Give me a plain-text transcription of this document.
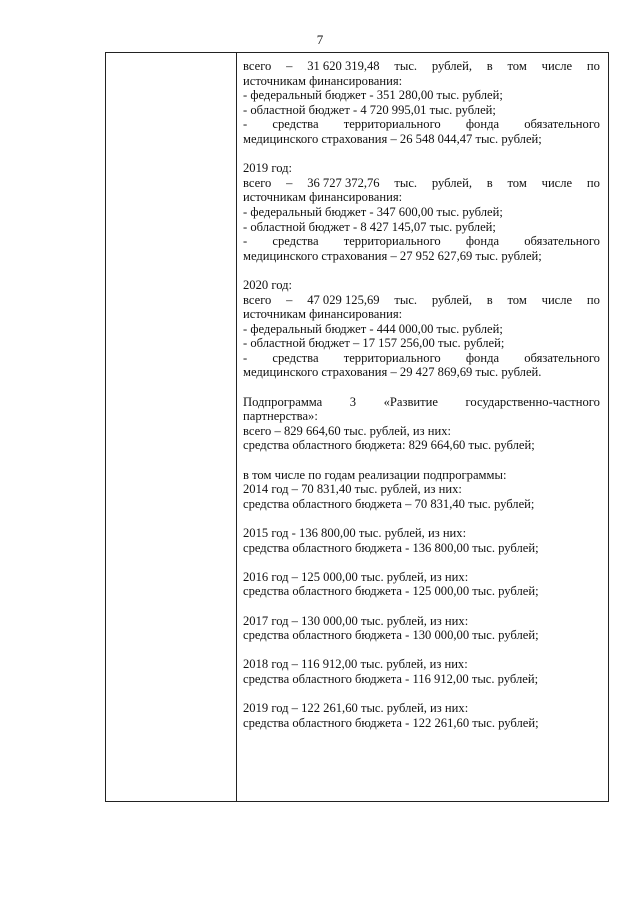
7
всего – 31 620 319,48 тыс. рублей, в том числе по
источникам финансирования:
- федеральный бюджет - 351 280,00 тыс. рублей;
- областной бюджет - 4 720 995,01 тыс. рублей;
- средства территориального фонда обязательного
медицинского страхования – 26 548 044,47 тыс. рублей;
2019 год:
всего – 36 727 372,76 тыс. рублей, в том числе по
источникам финансирования:
- федеральный бюджет - 347 600,00 тыс. рублей;
- областной бюджет - 8 427 145,07 тыс. рублей;
- средства территориального фонда обязательного
медицинского страхования – 27 952 627,69 тыс. рублей;
2020 год:
всего – 47 029 125,69 тыс. рублей, в том числе по
источникам финансирования:
- федеральный бюджет - 444 000,00 тыс. рублей;
- областной бюджет – 17 157 256,00 тыс. рублей;
- средства территориального фонда обязательного
медицинского страхования – 29 427 869,69 тыс. рублей.
Подпрограмма 3 «Развитие государственно-частного
партнерства»:
всего – 829 664,60 тыс. рублей, из них:
средства областного бюджета: 829 664,60 тыс. рублей;
в том числе по годам реализации подпрограммы:
2014 год – 70 831,40 тыс. рублей, из них:
средства областного бюджета – 70 831,40 тыс. рублей;
2015 год - 136 800,00 тыс. рублей, из них:
средства областного бюджета - 136 800,00 тыс. рублей;
2016 год – 125 000,00 тыс. рублей, из них:
средства областного бюджета - 125 000,00 тыс. рублей;
2017 год – 130 000,00 тыс. рублей, из них:
средства областного бюджета - 130 000,00 тыс. рублей;
2018 год – 116 912,00 тыс. рублей, из них:
средства областного бюджета - 116 912,00 тыс. рублей;
2019 год – 122 261,60 тыс. рублей, из них:
средства областного бюджета - 122 261,60 тыс. рублей;
